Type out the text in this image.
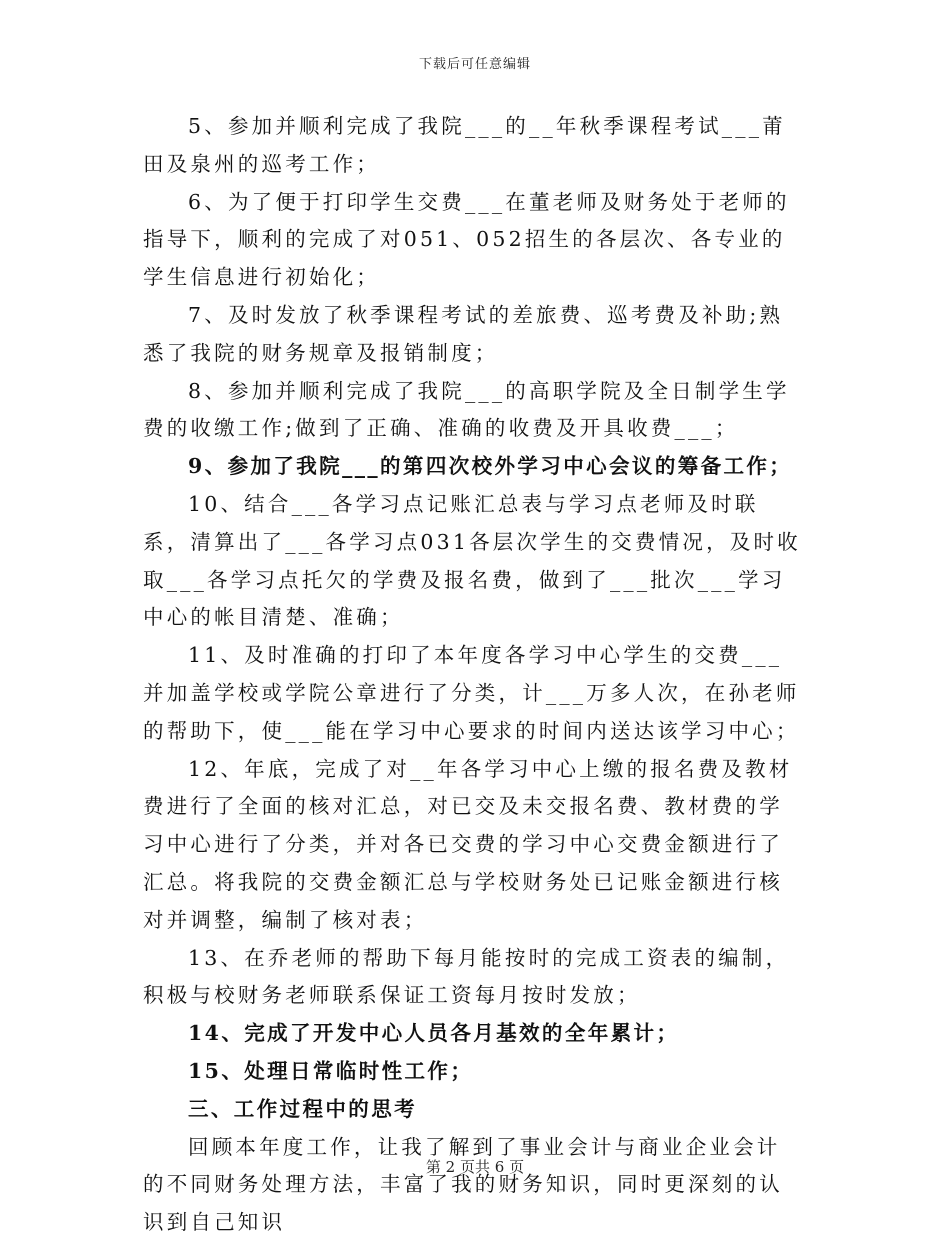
下载后可任意编辑

5、参加并顺利完成了我院___的__年秋季课程考试___莆田及泉州的巡考工作；

6、为了便于打印学生交费___在董老师及财务处于老师的指导下，顺利的完成了对051、052招生的各层次、各专业的学生信息进行初始化；

7、及时发放了秋季课程考试的差旅费、巡考费及补助;熟悉了我院的财务规章及报销制度；

8、参加并顺利完成了我院___的高职学院及全日制学生学费的收缴工作;做到了正确、准确的收费及开具收费___；

9、参加了我院___的第四次校外学习中心会议的筹备工作；

10、结合___各学习点记账汇总表与学习点老师及时联系，清算出了___各学习点031各层次学生的交费情况，及时收取___各学习点托欠的学费及报名费，做到了___批次___学习中心的帐目清楚、准确；

11、及时准确的打印了本年度各学习中心学生的交费___并加盖学校或学院公章进行了分类，计___万多人次，在孙老师的帮助下，使___能在学习中心要求的时间内送达该学习中心；

12、年底，完成了对__年各学习中心上缴的报名费及教材费进行了全面的核对汇总，对已交及未交报名费、教材费的学习中心进行了分类，并对各已交费的学习中心交费金额进行了汇总。将我院的交费金额汇总与学校财务处已记账金额进行核对并调整，编制了核对表；

13、在乔老师的帮助下每月能按时的完成工资表的编制，积极与校财务老师联系保证工资每月按时发放；

14、完成了开发中心人员各月基效的全年累计；

15、处理日常临时性工作；

三、工作过程中的思考

回顾本年度工作，让我了解到了事业会计与商业企业会计的不同财务处理方法，丰富了我的财务知识，同时更深刻的认识到自己知识

第 2 页共 6 页
